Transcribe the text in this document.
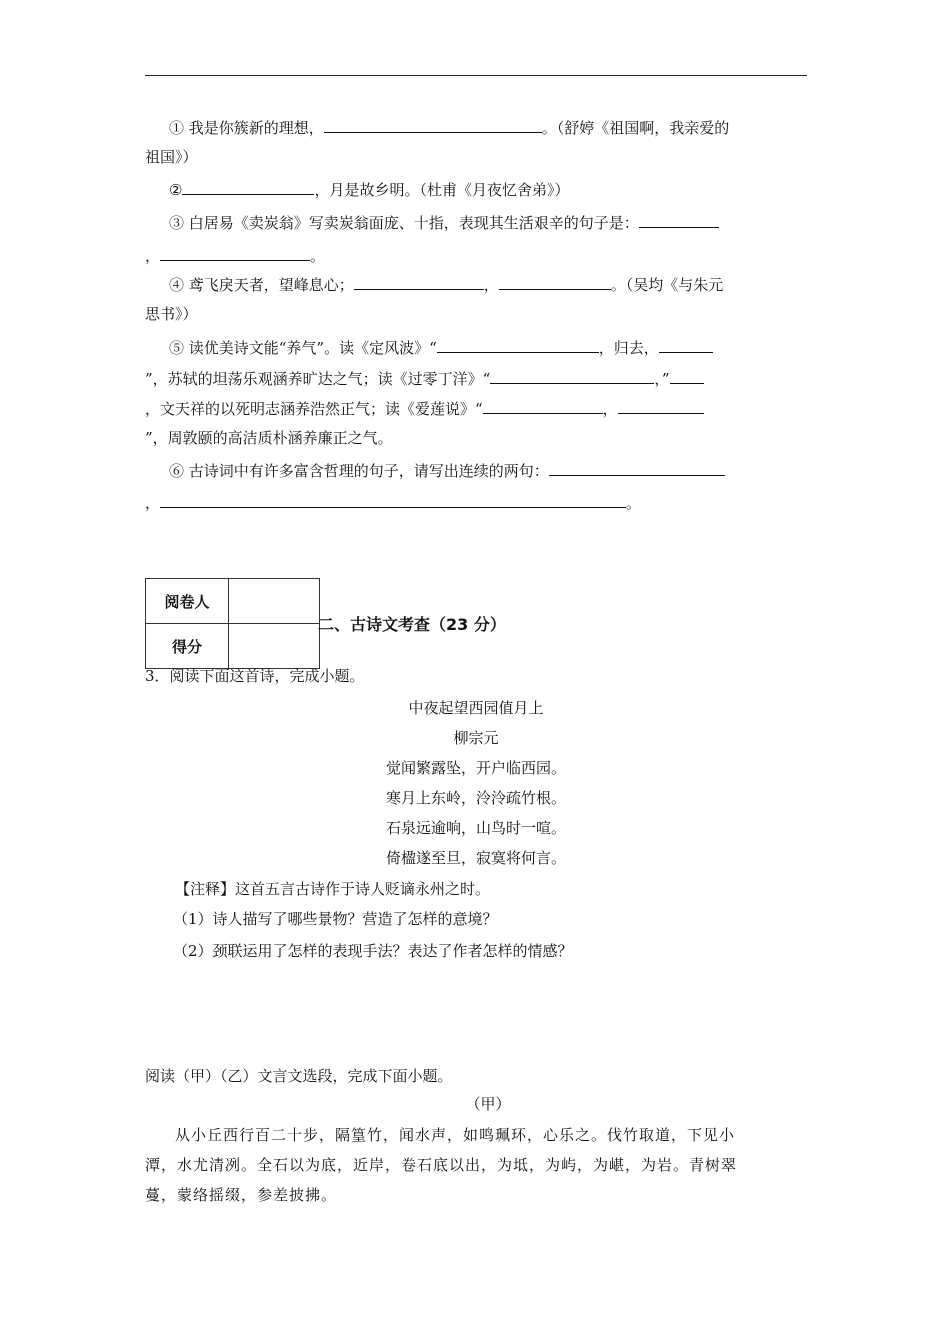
① 我是你簇新的理想，	。（舒婷《祖国啊，我亲爱的
祖国》）
②	，月是故乡明。（杜甫《月夜忆舍弟》）
③ 白居易《卖炭翁》写卖炭翁面庞、十指，表现其生活艰辛的句子是：
，	。
④ 鸢飞戾天者，望峰息心；	，	。（吴均《与朱元
思书》）
⑤ 读优美诗文能“养气”。读《定风波》“	，归去，
”，苏轼的坦荡乐观涵养旷达之气；读《过零丁洋》“	，”
，文天祥的以死明志涵养浩然正气；读《爱莲说》“	，
”，周敦颐的高洁质朴涵养廉正之气。
⑥ 古诗词中有许多富含哲理的句子，请写出连续的两句：
，	。
阅卷人	
得分	
二、古诗文考查（23 分）
3．阅读下面这首诗，完成小题。
中夜起望西园值月上
柳宗元
觉闻繁露坠，开户临西园。
寒月上东岭，泠泠疏竹根。
石泉远逾响，山鸟时一喧。
倚楹遂至旦，寂寞将何言。
【注释】这首五言古诗作于诗人贬谪永州之时。
（1）诗人描写了哪些景物？营造了怎样的意境？
（2）颈联运用了怎样的表现手法？表达了作者怎样的情感？
阅读（甲）（乙）文言文选段，完成下面小题。
（甲）
从小丘西行百二十步，隔篁竹，闻水声，如鸣珮环，心乐之。伐竹取道，下见小
潭，水尤清冽。全石以为底，近岸，卷石底以出，为坻，为屿，为嵁，为岩。青树翠
蔓，蒙络摇缀，参差披拂。
